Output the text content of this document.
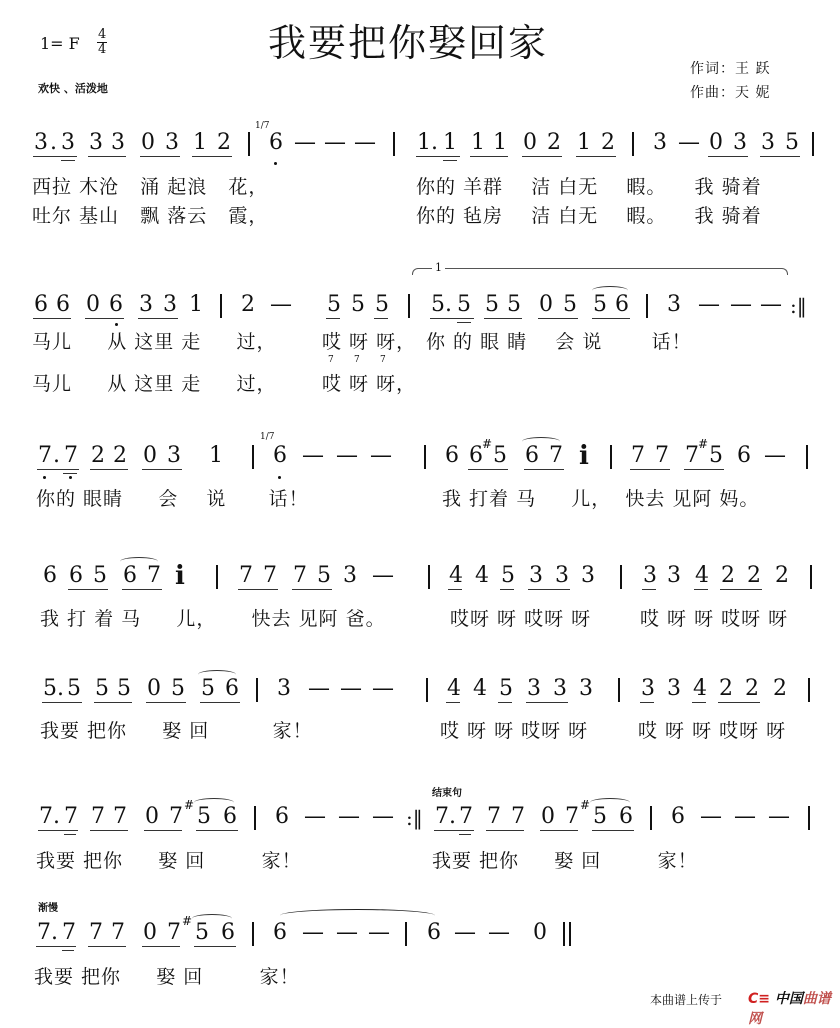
1= F 4
4	我要把你娶回家
欢快 、活泼地
作词：王 跃
作曲：天 妮
3 . 3 3 3 0 3 1 2
1/7
6 — — — 1 . 1 1 1 0 2 1 2 3 — 0 3 3 5
西拉 木沧   涌 起浪   花，	你的 羊群    洁 白无    暇。    我 骑着
吐尔 基山   飘 落云   霞，	你的 毡房    洁 白无    暇。    我 骑着
1
6 6 0 6 3 3 1 2 — 5 5 5 5 . 5 5 5 0 5 5 6 3 — — — :‖
马儿     从 这里 走     过， 哎 呀 呀， 你 的 眼 睛    会 说       话！
7 7 7
马儿     从 这里 走     过， 哎 呀 呀，
7 . 7 2 2 0 3 1
1/7
6 — — — 6 6 # 5 6 7 i 7 7 7 # 5 6 —
你的 眼睛     会    说      话！	我 打着 马     儿，  快去 见阿 妈。
6 6 5 6 7 i 7 7 7 5 3 —	4 4 5 3 3 3 3 3 4 2 2 2
我 打 着 马     儿，     快去 见阿 爸。	哎呀 呀 哎呀 呀	哎 呀 呀 哎呀 呀
5 . 5 5 5 0 5 5 6 3 — — — 4 4 5 3 3 3 3 3 4 2 2 2
我要 把你     娶 回         家！	哎 呀 呀 哎呀 呀	哎 呀 呀 哎呀 呀
结束句
7 . 7 7 7 0 7 # 5 6 6 — — — :‖ 7 . 7 7 7 0 7 # 5 6 6 — — —
我要 把你     娶 回        家！	我要 把你     娶 回        家！
渐慢
7 . 7 7 7 0 7 # 5 6 6 — — — 6 — — 0
我要 把你     娶 回        家！
本曲谱上传于 C≡ 中国曲谱网
